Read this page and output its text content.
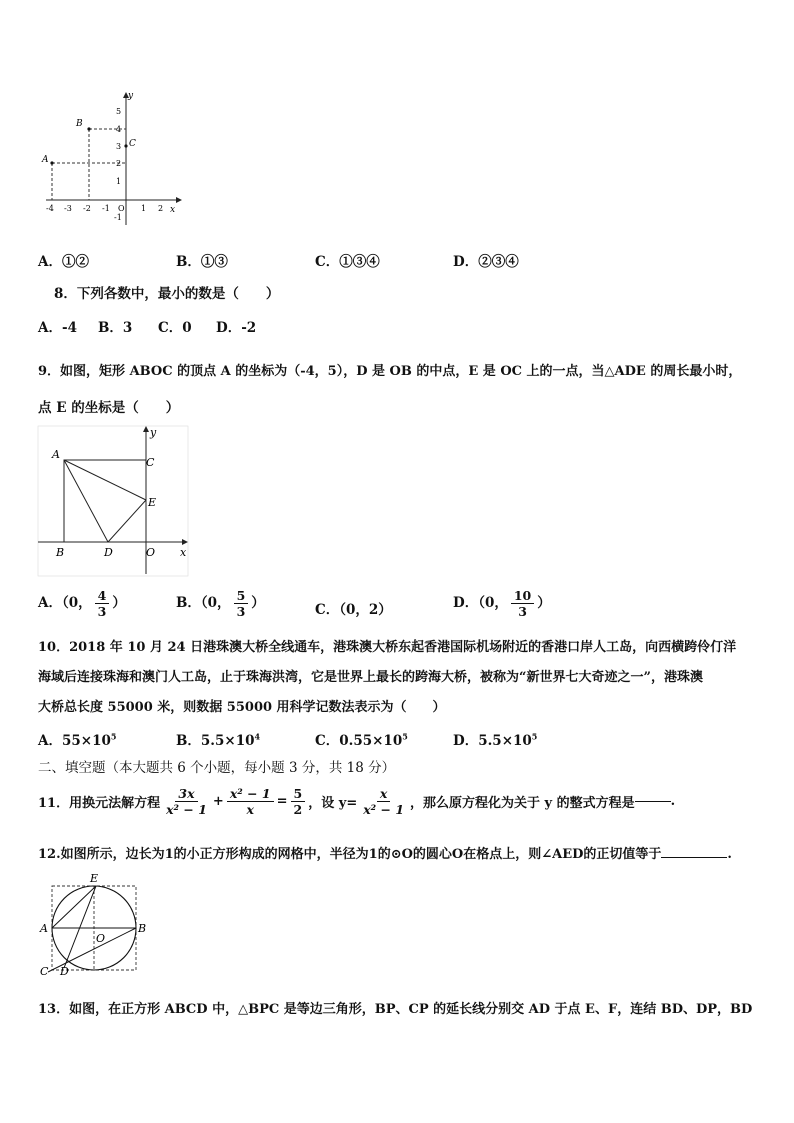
y
x
A
B
C
5
4
3
2
1
-1
-4 -3 -2 -1 O 1 2
A．①②	B．①③	C．①③④	D．②③④
8．下列各数中，最小的数是（　　）
A．-4 B．3 C．0 D．-2
9．如图，矩形 ABOC 的顶点 A 的坐标为（-4，5），D 是 OB 的中点，E 是 OC 上的一点，当△ADE 的周长最小时，
点 E 的坐标是（　　）
A
B
C
D
E
O x
y
A．（0， $\frac{4}{3}$ ）	B．（0， $\frac{5}{3}$ ）	C．（0，2）	D．（0， $\frac{10}{3}$ ）
10．2018 年 10 月 24 日港珠澳大桥全线通车，港珠澳大桥东起香港国际机场附近的香港口岸人工岛，向西横跨伶仃洋
海域后连接珠海和澳门人工岛，止于珠海洪湾，它是世界上最长的跨海大桥，被称为“新世界七大奇迹之一”，港珠澳
大桥总长度 55000 米，则数据 55000 用科学记数法表示为（　　）
A．$55\times 10^5$	B．$5.5\times 10^4$	C．$0.55\times 10^5$	D．$5.5\times 10^5$
二、填空题（本大题共 6 个小题，每小题 3 分，共 18 分）
11．用换元法解方程 $\frac{3x}{\text{x² − 1}} + \frac{\text{x² − 1}}{x} = \frac{5}{2}$ ，设 $y= \frac{x}{\text{x² − 1}}$ ，那么原方程化为关于 y 的整式方程是	.
12.如图所示，边长为1的小正方形构成的网格中，半径为1的⊙O的圆心O在格点上，则∠AED的正切值等于	.
E
A	B
O
C D
13．如图，在正方形 ABCD 中，△BPC 是等边三角形，BP、CP 的延长线分别交 AD 于点 E、F，连结 BD、DP，BD
